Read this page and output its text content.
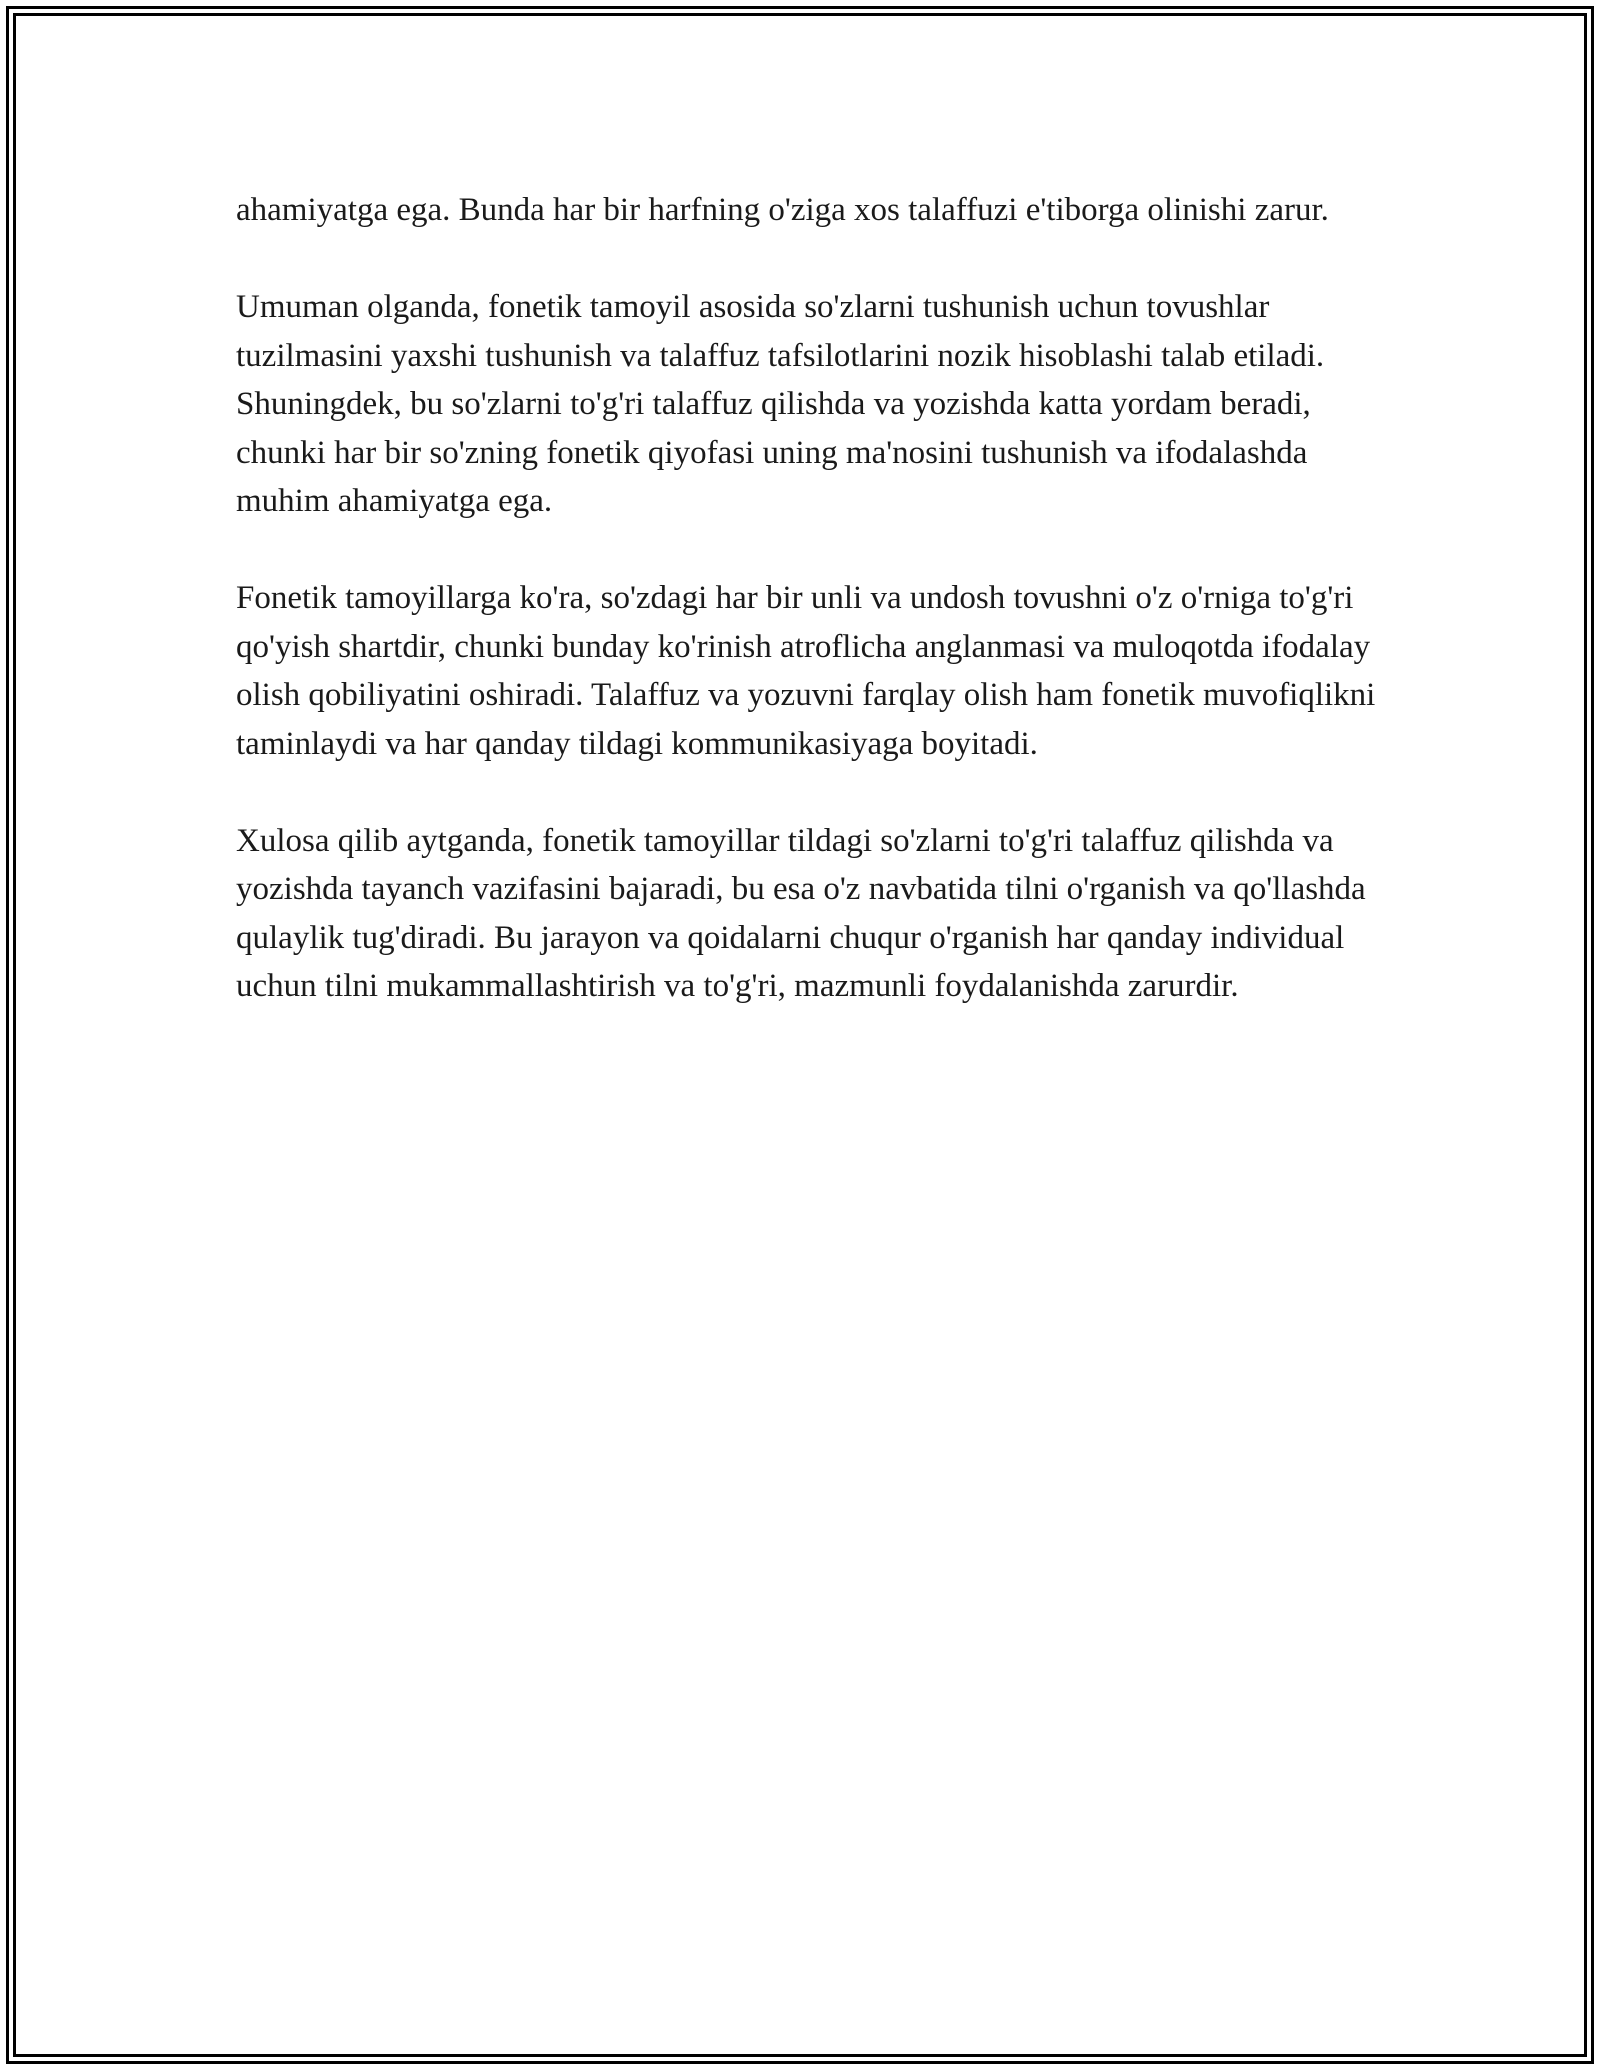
ahamiyatga ega. Bunda har bir harfning o'ziga xos talaffuzi e'tiborga olinishi zarur.

Umuman olganda, fonetik tamoyil asosida so'zlarni tushunish uchun tovushlar tuzilmasini yaxshi tushunish va talaffuz tafsilotlarini nozik hisoblashi talab etiladi. Shuningdek, bu so'zlarni to'g'ri talaffuz qilishda va yozishda katta yordam beradi, chunki har bir so'zning fonetik qiyofasi uning ma'nosini tushunish va ifodalashda muhim ahamiyatga ega.

Fonetik tamoyillarga ko'ra, so'zdagi har bir unli va undosh tovushni o'z o'rniga to'g'ri qo'yish shartdir, chunki bunday ko'rinish atroflicha anglanmasi va muloqotda ifodalay olish qobiliyatini oshiradi. Talaffuz va yozuvni farqlay olish ham fonetik muvofiqlikni taminlaydi va har qanday tildagi kommunikasiyaga boyitadi.

Xulosa qilib aytganda, fonetik tamoyillar tildagi so'zlarni to'g'ri talaffuz qilishda va yozishda tayanch vazifasini bajaradi, bu esa o'z navbatida tilni o'rganish va qo'llashda qulaylik tug'diradi. Bu jarayon va qoidalarni chuqur o'rganish har qanday individual uchun tilni mukammallashtirish va to'g'ri, mazmunli foydalanishda zarurdir.
